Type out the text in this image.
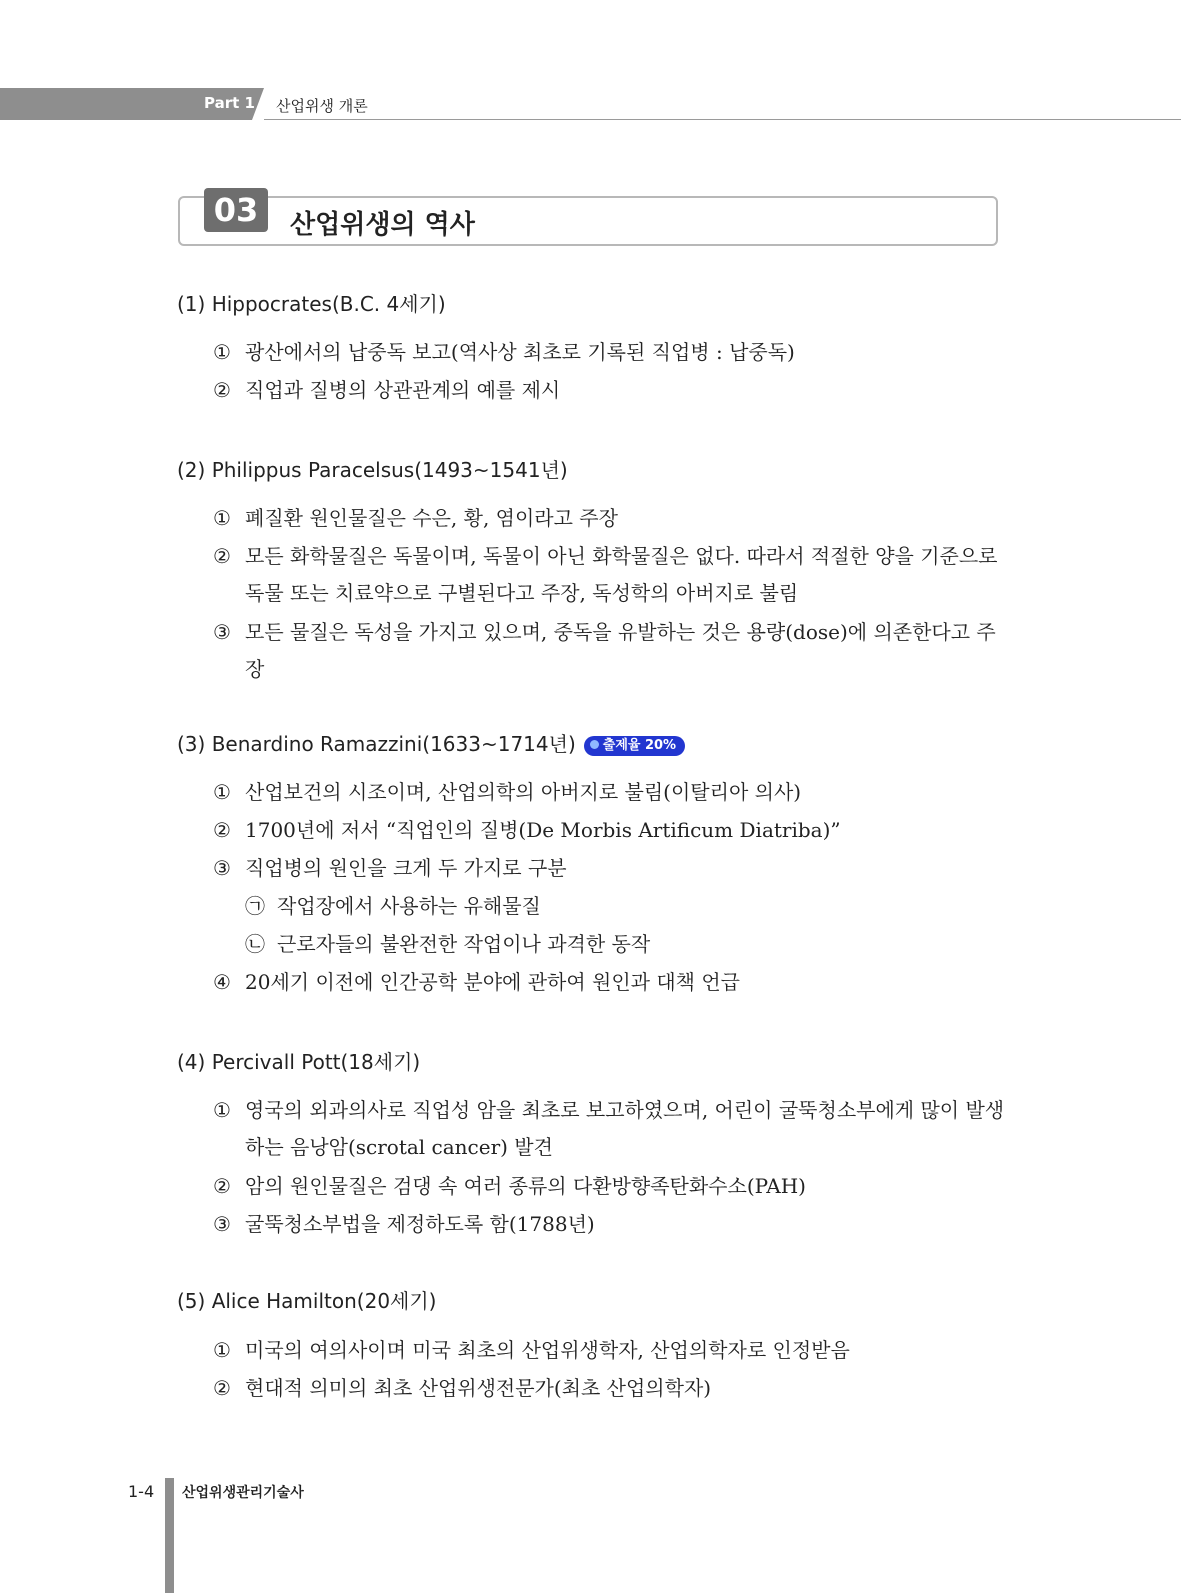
Part 1 산업위생 개론
03	산업위생의 역사
(1) Hippocrates(B.C. 4세기)
① 광산에서의 납중독 보고(역사상 최초로 기록된 직업병 : 납중독)
② 직업과 질병의 상관관계의 예를 제시
(2) Philippus Paracelsus(1493~1541년)
① 폐질환 원인물질은 수은, 황, 염이라고 주장
② 모든 화학물질은 독물이며, 독물이 아닌 화학물질은 없다. 따라서 적절한 양을 기준으로 독물 또는 치료약으로 구별된다고 주장, 독성학의 아버지로 불림
③ 모든 물질은 독성을 가지고 있으며, 중독을 유발하는 것은 용량(dose)에 의존한다고 주장
(3) Benardino Ramazzini(1633~1714년) 출제율 20%
① 산업보건의 시조이며, 산업의학의 아버지로 불림(이탈리아 의사)
② 1700년에 저서 “직업인의 질병(De Morbis Artificum Diatriba)”
③ 직업병의 원인을 크게 두 가지로 구분
㉠ 작업장에서 사용하는 유해물질
㉡ 근로자들의 불완전한 작업이나 과격한 동작
④ 20세기 이전에 인간공학 분야에 관하여 원인과 대책 언급
(4) Percivall Pott(18세기)
① 영국의 외과의사로 직업성 암을 최초로 보고하였으며, 어린이 굴뚝청소부에게 많이 발생하는 음낭암(scrotal cancer) 발견
② 암의 원인물질은 검댕 속 여러 종류의 다환방향족탄화수소(PAH)
③ 굴뚝청소부법을 제정하도록 함(1788년)
(5) Alice Hamilton(20세기)
① 미국의 여의사이며 미국 최초의 산업위생학자, 산업의학자로 인정받음
② 현대적 의미의 최초 산업위생전문가(최초 산업의학자)
1-4 산업위생관리기술사
